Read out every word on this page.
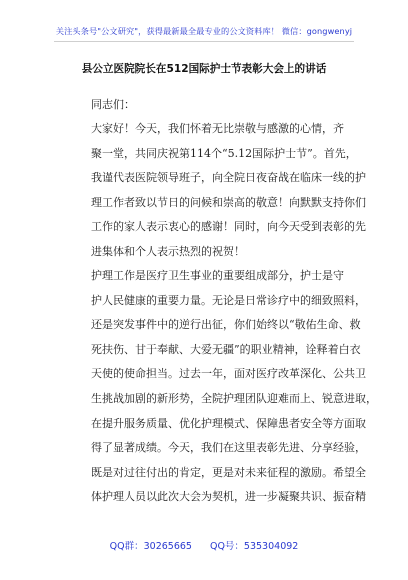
关注头条号"公文研究"，获得最新最全最专业的公文资料库！ 微信：gongwenyj
县公立医院院长在512国际护士节表彰大会上的讲话
同志们：
大家好！今天，我们怀着无比崇敬与感激的心情，齐
聚一堂，共同庆祝第114个“5.12国际护士节”。首先，
我谨代表医院领导班子，向全院日夜奋战在临床一线的护
理工作者致以节日的问候和崇高的敬意！向默默支持你们
工作的家人表示衷心的感谢！同时，向今天受到表彰的先
进集体和个人表示热烈的祝贺！
护理工作是医疗卫生事业的重要组成部分，护士是守
护人民健康的重要力量。无论是日常诊疗中的细致照料，
还是突发事件中的逆行出征，你们始终以“敬佑生命、救
死扶伤、甘于奉献、大爱无疆”的职业精神，诠释着白衣
天使的使命担当。过去一年，面对医疗改革深化、公共卫
生挑战加剧的新形势，全院护理团队迎难而上、锐意进取，
在提升服务质量、优化护理模式、保障患者安全等方面取
得了显著成绩。今天，我们在这里表彰先进、分享经验，
既是对过往付出的肯定，更是对未来征程的激励。希望全
体护理人员以此次大会为契机，进一步凝聚共识、振奋精
QQ群：30265665 QQ号：535304092
